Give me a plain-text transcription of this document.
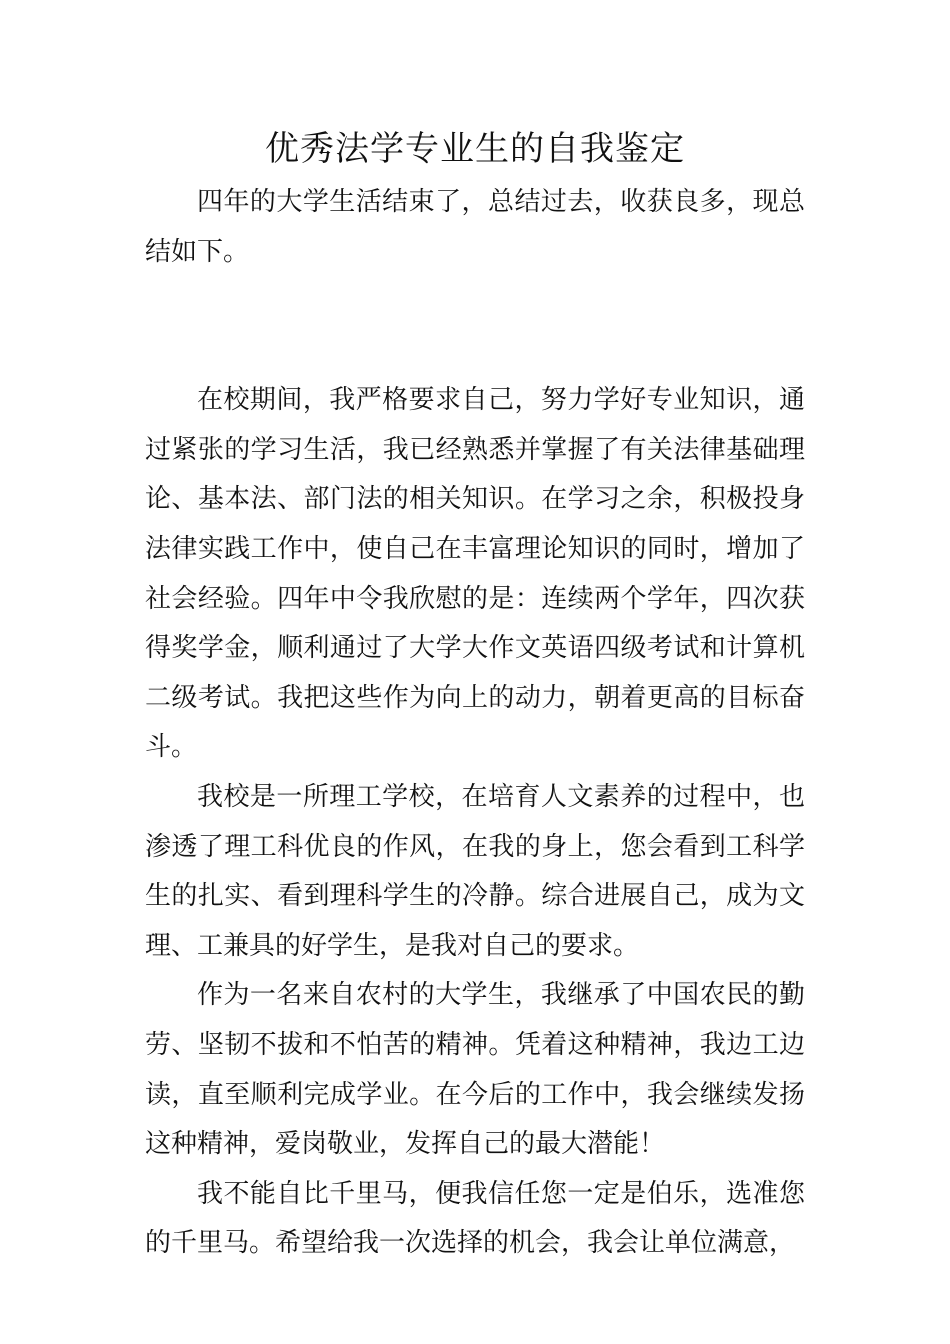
优秀法学专业生的自我鉴定

四年的大学生活结束了，总结过去，收获良多，现总结如下。

在校期间，我严格要求自己，努力学好专业知识，通过紧张的学习生活，我已经熟悉并掌握了有关法律基础理论、基本法、部门法的相关知识。在学习之余，积极投身法律实践工作中，使自己在丰富理论知识的同时，增加了社会经验。四年中令我欣慰的是：连续两个学年，四次获得奖学金，顺利通过了大学大作文英语四级考试和计算机二级考试。我把这些作为向上的动力，朝着更高的目标奋斗。

我校是一所理工学校，在培育人文素养的过程中，也渗透了理工科优良的作风，在我的身上，您会看到工科学生的扎实、看到理科学生的冷静。综合进展自己，成为文理、工兼具的好学生，是我对自己的要求。

作为一名来自农村的大学生，我继承了中国农民的勤劳、坚韧不拔和不怕苦的精神。凭着这种精神，我边工边读，直至顺利完成学业。在今后的工作中，我会继续发扬这种精神，爱岗敬业，发挥自己的最大潜能！

我不能自比千里马，便我信任您一定是伯乐，选准您的千里马。希望给我一次选择的机会，我会让单位满意，
